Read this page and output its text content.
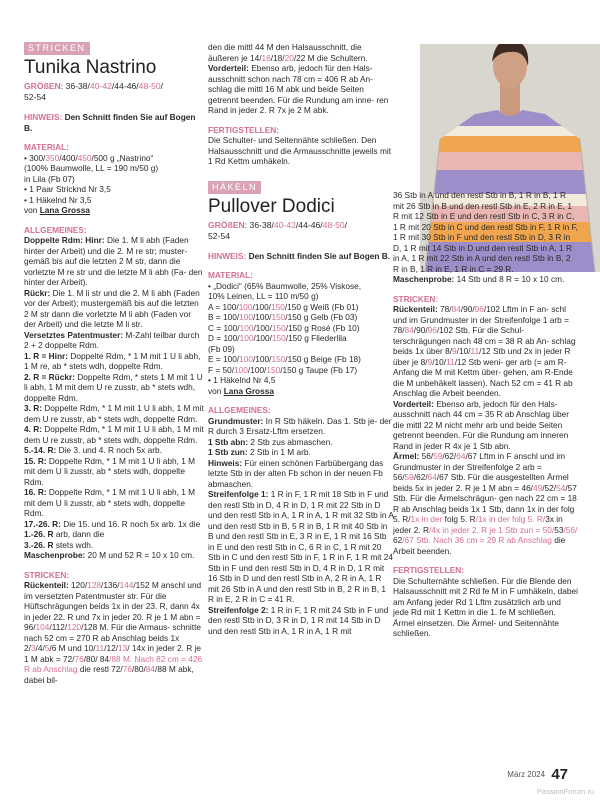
STRICKEN
Tunika Nastrino
GRÖßEN: 36-38/40-42/44-46/48-50/
52-54

HINWEIS: Den Schnitt finden Sie auf Bogen B.

MATERIAL:

• 300/350/400/450/500 g „Nastrino“

(100% Baumwolle, LL = 190 m/50 g)

in Lila (Fb 07)

• 1 Paar Stricknd Nr 3,5

• 1 Häkelnd Nr 3,5

von Lana Grossa

ALLGEMEINES:

Doppelte Rdm: Hinr: Die 1. M li abh (Faden hinter der Arbeit) und die 2. M re str; muster- gemäß bis auf die letzten 2 M str, dann die vorletzte M re str und die letzte M li abh (Fa- den hinter der Arbeit).

Rückr: Die 1. M li str und die 2. M li abh (Faden vor der Arbeit); mustergemäß bis auf die letzten 2 M str dann die vorletzte M li abh (Faden vor der Arbeit) und die letzte M li str.

Versetztes Patentmuster: M-Zahl teilbar durch 2 + 2 doppelte Rdm.

1. R = Hinr: Doppelte Rdm, * 1 M mit 1 U li abh, 1 M re, ab * stets wdh, doppelte Rdm.

2. R = Rückr: Doppelte Rdm, * stets 1 M mit 1 U li abh, 1 M mit dem U re zusstr, ab * stets wdh, doppelte Rdm.

3. R: Doppelte Rdm, * 1 M mit 1 U li abh, 1 M mit dem U re zusstr, ab * stets wdh, doppelte Rdm.

4. R: Doppelte Rdm, * 1 M mit 1 U li abh, 1 M mit dem U re zusstr, ab * stets wdh, doppelte Rdm.

5.-14. R: Die 3. und 4. R noch 5x arb.

15. R: Doppelte Rdm, * 1 M mit 1 U li abh, 1 M mit dem U li zusstr, ab * stets wdh, doppelte Rdm.

16. R: Doppelte Rdm, * 1 M mit 1 U li abh, 1 M mit dem U li zusstr, ab * stets wdh, doppelte Rdm.

17.-26. R: Die 15. und 16. R noch 5x arb. 1x die

1.-26. R arb, dann die

3.-26. R stets wdh.

Maschenprobe: 20 M und 52 R = 10 x 10 cm.

STRICKEN:

Rückenteil: 120/128/136/144/152 M anschl und im versetzten Patentmuster str. Für die Hüftschrägungen beids 1x in der 23. R, dann 4x in jeder 22. R und 7x in jeder 20. R je 1 M abn = 96/104/112/120/128 M. Für die Armaus- schnitte nach 52 cm = 270 R ab Anschlag beids 1x 2/3/4/5/6 M und 10/11/12/13/ 14x in jeder 2. R je 1 M abk = 72/76/80/ 84/88 M. Nach 82 cm = 426 R ab Anschlag die restl 72/76/80/84/88 M abk, dabei bil-

den die mittl 44 M den Halsausschnitt, die äußeren je 14/16/18/20/22 M die Schultern.

Vorderteil: Ebenso arb, jedoch für den Hals- ausschnitt schon nach 78 cm = 406 R ab An- schlag die mittl 16 M abk und beide Seiten getrennt beenden. Für die Rundung am inne- ren Rand in jeder 2. R 7x je 2 M abk.

FERTIGSTELLEN:

Die Schulter- und Seitennähte schließen. Den Halsausschnitt und die Armausschnitte jeweils mit 1 Rd Kettm umhäkeln.

HÄKELN
Pullover Dodici
GRÖßEN: 36-38/40-42/44-46/48-50/
52-54

HINWEIS: Den Schnitt finden Sie auf Bogen B.

MATERIAL:

• „Dodici“ (65% Baumwolle, 25% Viskose,

10% Leinen, LL = 110 m/50 g)

A = 100/100/100/150/150 g Weiß (Fb 01)

B = 100/100/100/150/150 g Gelb (Fb 03)

C = 100/100/100/150/150 g Rosé (Fb 10)

D = 100/100/100/150/150 g Fliederlila

(Fb 09)

E = 100/100/100/150/150 g Beige (Fb 18)

F = 50/100/100/150/150 g Taupe (Fb 17)

• 1 Häkelnd Nr 4,5

von Lana Grossa

ALLGEMEINES:

Grundmuster: In R Stb häkeln. Das 1. Stb je- der R durch 3 Ersatz-Lftm ersetzen.

1 Stb abn: 2 Stb zus abmaschen.

1 Stb zun: 2 Stb in 1 M arb.

Hinweis: Für einen schönen Farbübergang das letzte Stb in der alten Fb schon in der neuen Fb abmaschen.

Streifenfolge 1: 1 R in F, 1 R mit 18 Stb in F und den restl Stb in D, 4 R in D, 1 R mit 22 Stb in D und den restl Stb in A, 1 R in A, 1 R mit 32 Stb in A und den restl Stb in B, 5 R in B, 1 R mit 40 Stb in B und den restl Stb in E, 3 R in E, 1 R mit 16 Stb in E und den restl Stb in C, 6 R in C, 1 R mit 20 Stb in C und den restl Stb in F, 1 R in F, 1 R mit 24 Stb in F und den restl Stb in D, 4 R in D, 1 R mit 16 Stb in D und den restl Stb in A, 2 R in A, 1 R mit 26 Stb in A und den restl Stb in B, 2 R in B, 1 R in E, 2 R in C = 41 R.

Streifenfolge 2: 1 R in F, 1 R mit 24 Stb in F und den restl Stb in D, 3 R in D, 1 R mit 14 Stb in D und den restl Stb in A, 1 R in A, 1 R mit

36 Stb in A und den restl Stb in B, 1 R in B, 1 R mit 26 Stb in B und den restl Stb in E, 2 R in E, 1 R mit 12 Stb in E und den restl Stb in C, 3 R in C, 1 R mit 20 Stb in C und den restl Stb in F, 1 R in F, 1 R mit 30 Stb in F und den restl Stb in D, 3 R in D, 1 R mit 14 Stb in D und den restl Stb in A, 1 R in A, 1 R mit 22 Stb in A und den restl Stb in B, 2 R in B, 1 R in E, 1 R in C = 29 R.

Maschenprobe: 14 Stb und 8 R = 10 x 10 cm.

STRICKEN:

Rückenteil: 78/84/90/96/102 Lftm in F an- schl und im Grundmuster in der Streifenfolge 1 arb = 78/84/90/96/102 Stb. Für die Schul- terschrägungen nach 48 cm = 38 R ab An- schlag beids 1x über 8/9/10/11/12 Stb und 2x in jeder R über je 8/9/10/11/12 Stb weni- ger arb (= am R-Anfang die M mit Kettm über- gehen, am R-Ende die M unbehäkelt lassen). Nach 52 cm = 41 R ab Anschlag die Arbeit beenden.

Vorderteil: Ebenso arb, jedoch für den Hals- ausschnitt nach 44 cm = 35 R ab Anschlag über die mittl 22 M nicht mehr arb und beide Seiten getrennt beenden. Für die Rundung am inneren Rand in jeder R 4x je 1 Stb abn.

Ärmel: 56/59/62/64/67 Lftm in F anschl und im Grundmuster in der Streifenfolge 2 arb = 56/59/62/64/67 Stb. Für die ausgestellten Ärmel beids 5x in jeder 2. R je 1 M abn = 46/49/52/54/57 Stb. Für die Ärmelschrägun- gen nach 22 cm = 18 R ab Anschlag beids 1x 1 Stb, dann 1x in der folg 5. R/1x in der folg 5. R/1x in der folg 5. R/3x in jeder 2. R/4x in jeder 2. R je 1 Stb zun = 50/53/56/ 62/67 Stb. Nach 36 cm = 29 R ab Anschlag die Arbeit beenden.

FERTIGSTELLEN:

Die Schulternähte schließen. Für die Blende den Halsausschnitt mit 2 Rd fe M in F umhäkeln, dabei am Anfang jeder Rd 1 Lftm zusätzlich arb und jede Rd mit 1 Kettm in die 1. fe M schließen. Ärmel einsetzen. Die Ärmel- und Seitennähte schließen.

März 2024 47
PassionForum.ru
